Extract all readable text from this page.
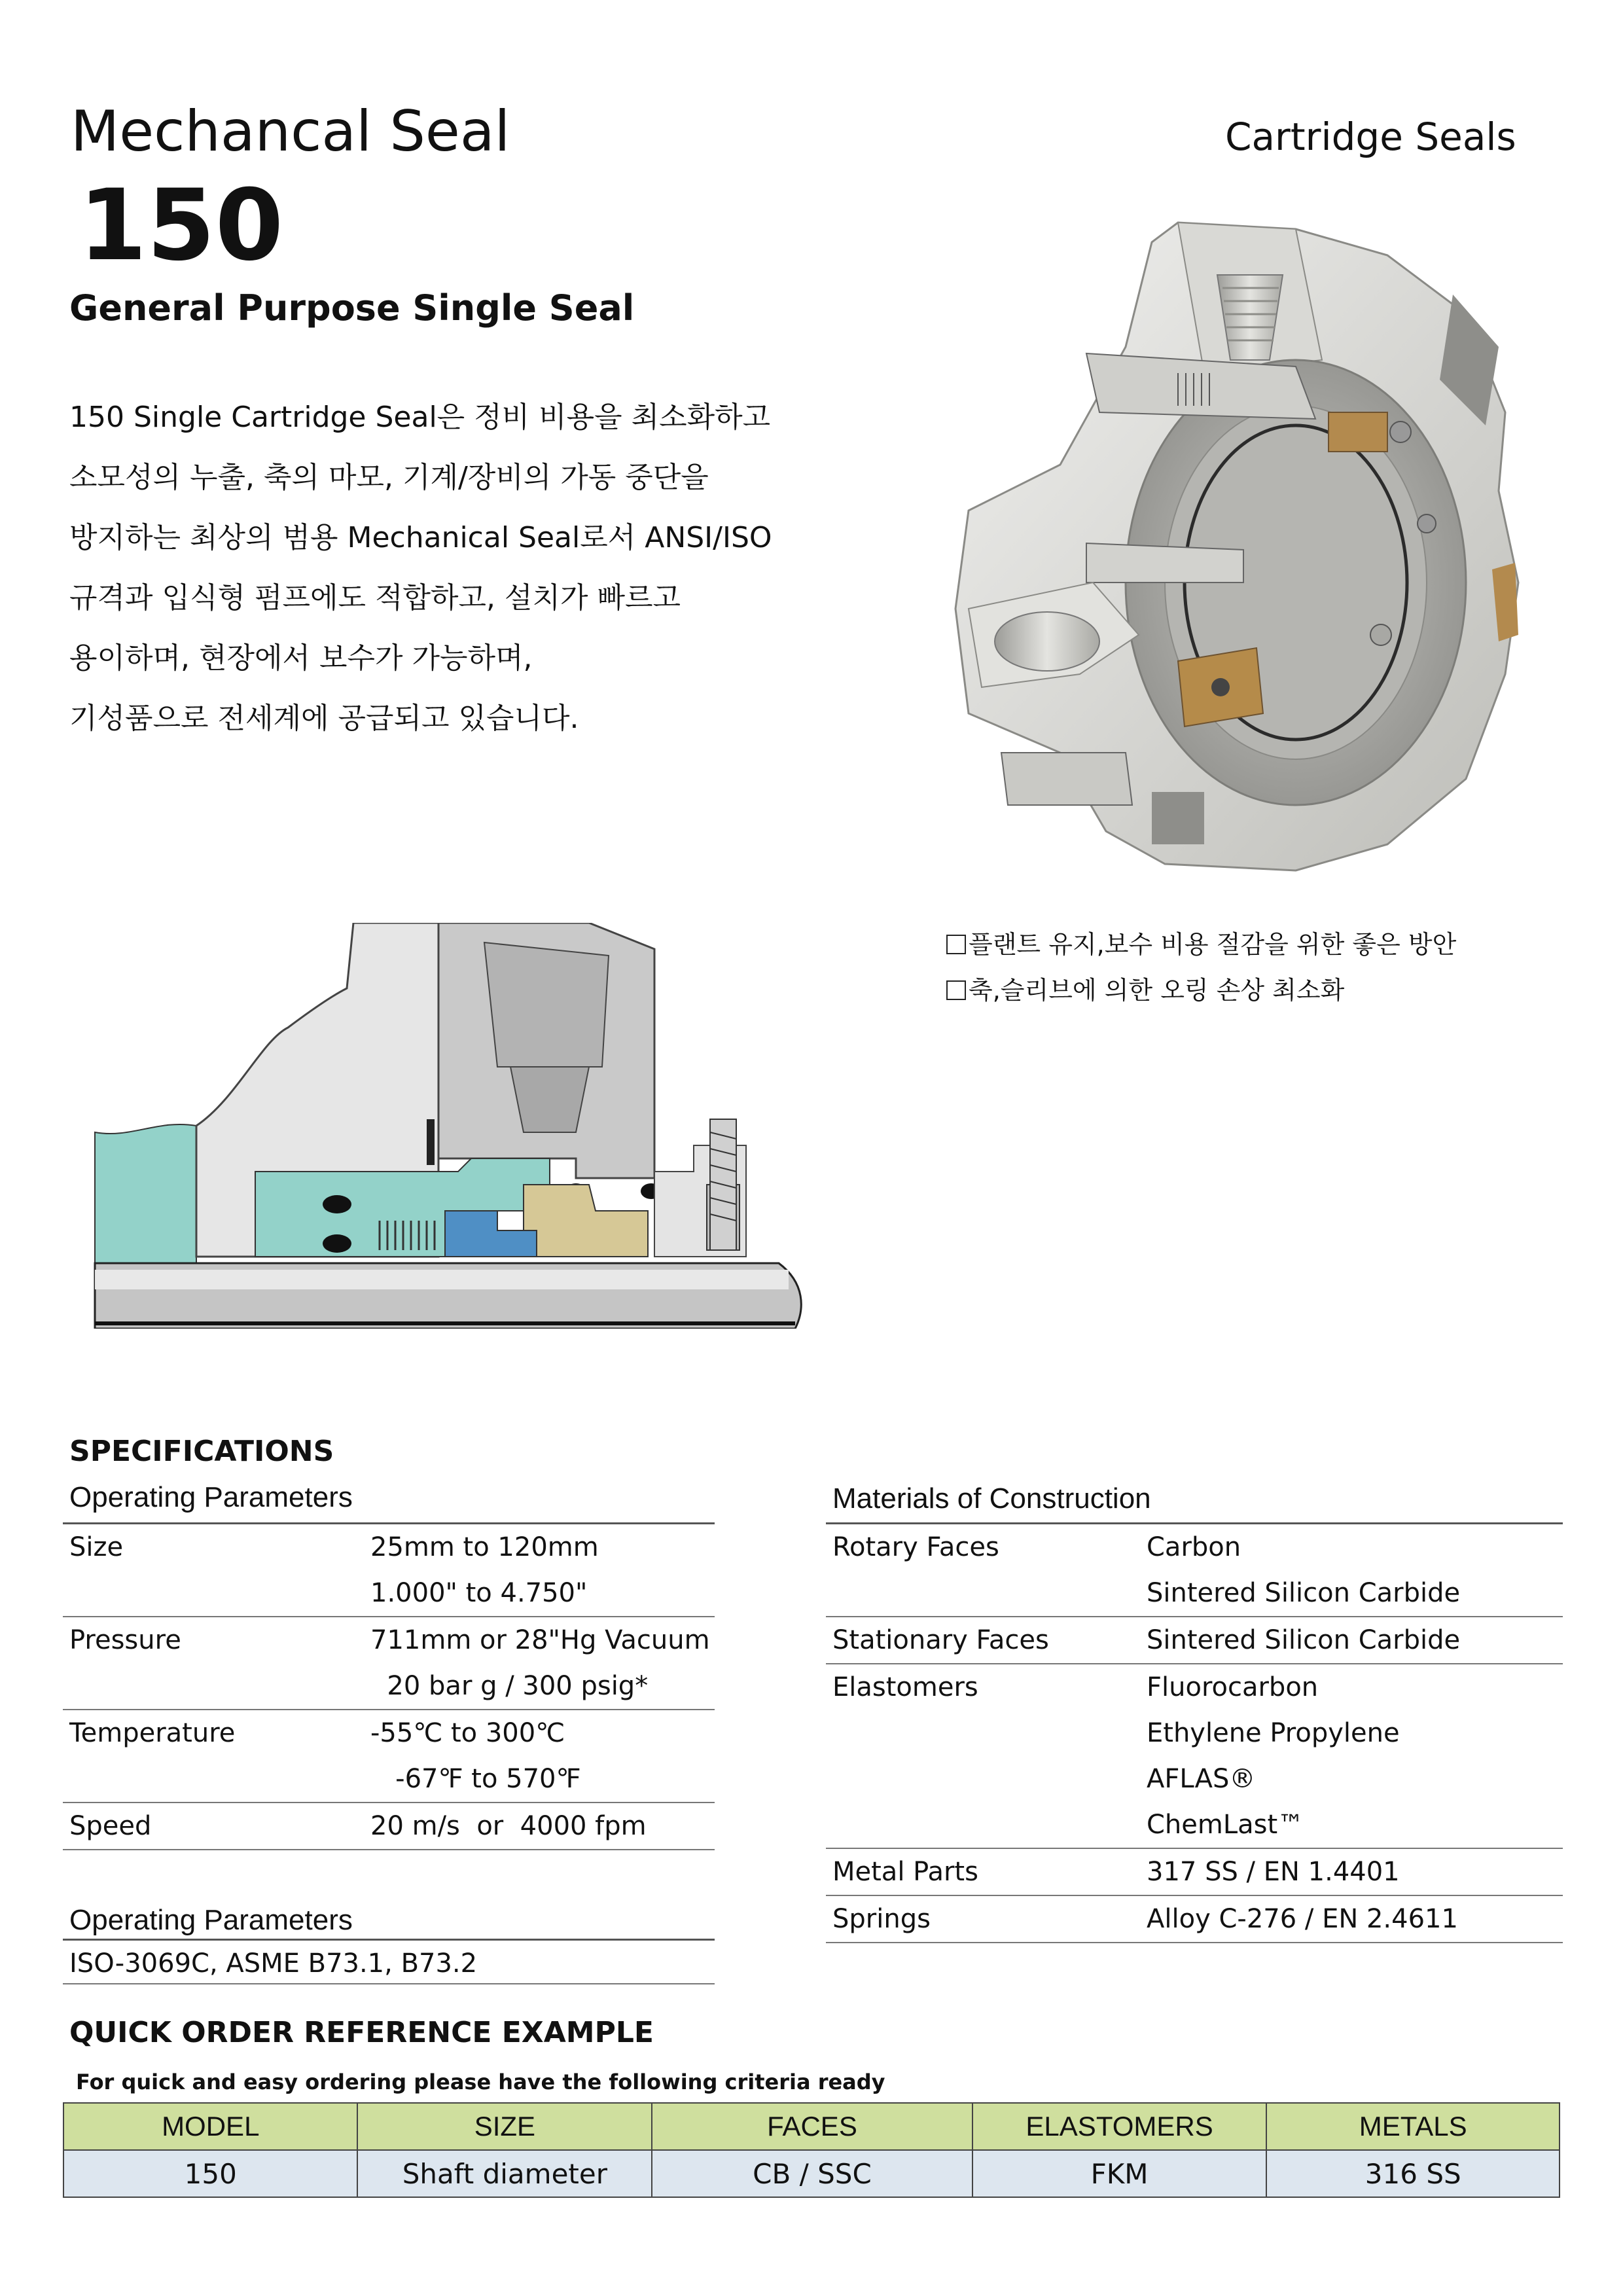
Mechancal Seal
150
General Purpose Single Seal
Cartridge Seals
150 Single Cartridge Seal은 정비 비용을 최소화하고
소모성의 누출, 축의 마모, 기계/장비의 가동 중단을
방지하는 최상의 범용 Mechanical Seal로서 ANSI/ISO
규격과 입식형 펌프에도 적합하고, 설치가 빠르고
용이하며, 현장에서 보수가 가능하며,
기성품으로 전세계에 공급되고 있습니다.
플랜트 유지,보수 비용 절감을 위한 좋은 방안
축,슬리브에 의한 오링 손상 최소화
SPECIFICATIONS
Operating Parameters
Size	25mm to 120mm
	1.000" to 4.750"
Pressure	711mm or 28"Hg Vacuum
	20 bar g / 300 psig*
Temperature	-55℃ to 300℃
	-67℉ to 570℉
Speed	20 m/s  or  4000 fpm
Operating Parameters
ISO-3069C, ASME B73.1, B73.2
Materials of Construction
Rotary Faces	Carbon
	Sintered Silicon Carbide
Stationary Faces	Sintered Silicon Carbide
Elastomers	Fluorocarbon
	Ethylene Propylene
	AFLAS®
	ChemLast™
Metal Parts	317 SS / EN 1.4401
Springs	Alloy C-276 / EN 2.4611
QUICK ORDER REFERENCE EXAMPLE
For quick and easy ordering please have the following criteria ready
MODEL	SIZE	FACES	ELASTOMERS	METALS
150	Shaft diameter	CB / SSC	FKM	316 SS
